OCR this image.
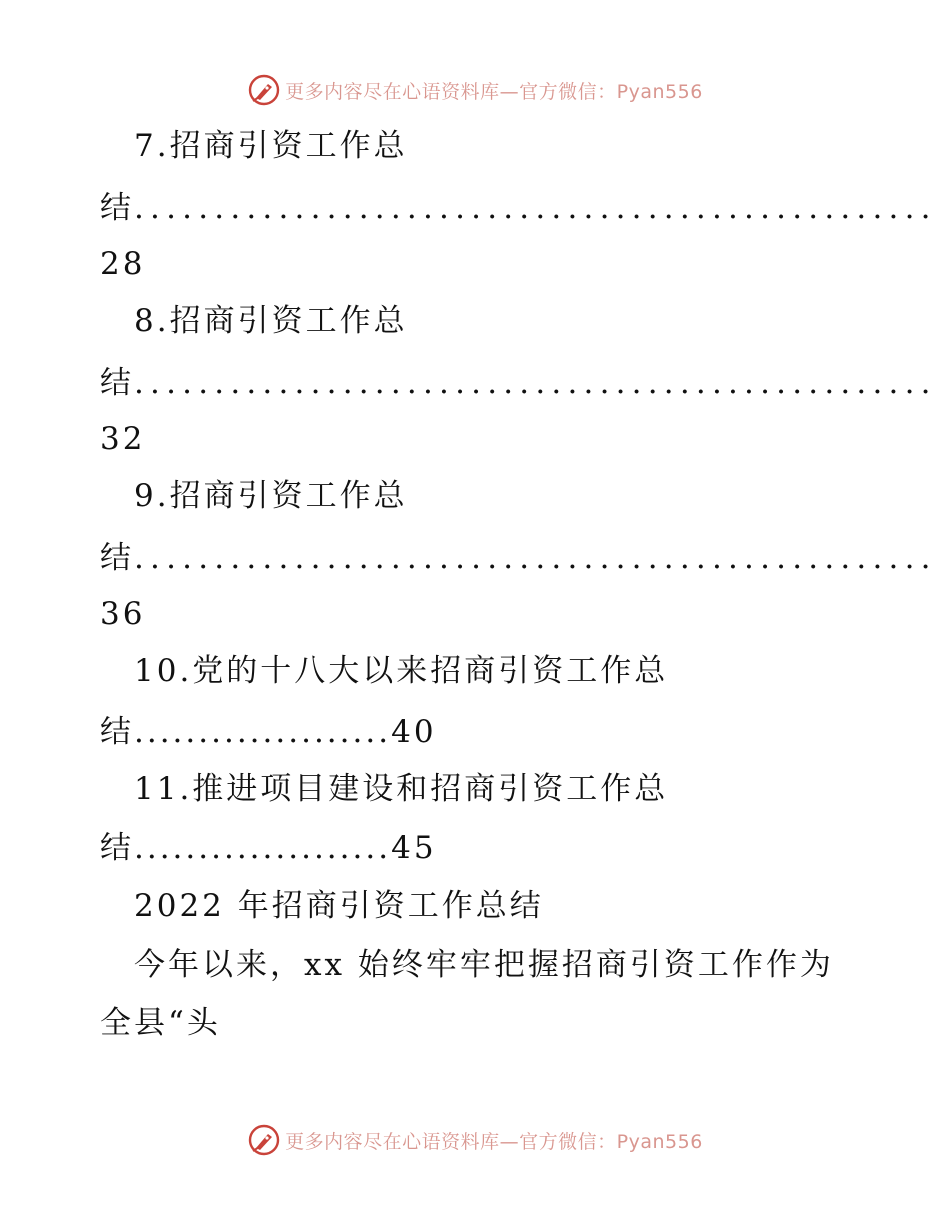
更多内容尽在心语资料库—官方微信：Pyan556
7.招商引资工作总
结 ..................................................
28
8.招商引资工作总
结 ..................................................
32
9.招商引资工作总
结 ..................................................
36
10.党的十八大以来招商引资工作总
结....................40
11.推进项目建设和招商引资工作总
结....................45
2022 年招商引资工作总结
今年以来，xx 始终牢牢把握招商引资工作作为
全县“头
更多内容尽在心语资料库—官方微信：Pyan556
